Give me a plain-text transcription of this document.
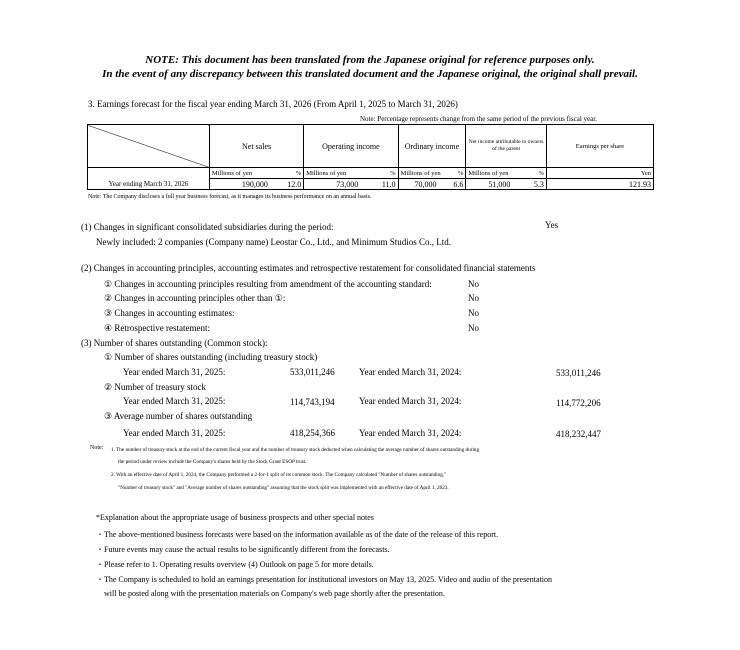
NOTE: This document has been translated from the Japanese original for reference purposes only.
In the event of any discrepancy between this translated document and the Japanese original, the original shall prevail.
3. Earnings forecast for the fiscal year ending March 31, 2026 (From April 1, 2025 to March 31, 2026)
Note: Percentage represents change from the same period of the previous fiscal year.
	Net sales	Operating income	Ordinary income	Net income attributable to owners of the parent	Earnings per share

	Millions of yen %	Millions of yen %	Millions of yen %	Millions of yen %	Yen
Year ending March 31, 2026	190,000 12.0	73,000 11.0	70,000 6.6	51,000 5.3	121.93
Note: The Company discloses a full year business forecast, as it manages its business performance on an annual basis.
(1) Changes in significant consolidated subsidiaries during the period:	Yes
Newly included: 2 companies (Company name) Leostar Co., Ltd., and Minimum Studios Co., Ltd.
(2) Changes in accounting principles, accounting estimates and retrospective restatement for consolidated financial statements
① Changes in accounting principles resulting from amendment of the accounting standard:	No
② Changes in accounting principles other than ①:	No
③ Changes in accounting estimates:	No
④ Retrospective restatement:	No
(3) Number of shares outstanding (Common stock):
① Number of shares outstanding (including treasury stock)
Year ended March 31, 2025:	533,011,246	Year ended March 31, 2024:	533,011,246
② Number of treasury stock
Year ended March 31, 2025:	114,743,194	Year ended March 31, 2024:	114,772,206
③ Average number of shares outstanding
Year ended March 31, 2025:	418,254,366	Year ended March 31, 2024:	418,232,447
Note: 1. The number of treasury stock at the end of the current fiscal year and the number of treasury stock deducted when calculating the average number of shares outstanding during
the period under review include the Company's shares held by the Stock Grant ESOP trust.
2. With an effective date of April 1, 2024, the Company performed a 2-for-1 split of its common stock. The Company calculated "Number of shares outstanding,"
"Number of treasury stock" and "Average number of shares outstanding" assuming that the stock split was implemented with an effective date of April 1, 2023.
*Explanation about the appropriate usage of business prospects and other special notes
・The above-mentioned business forecasts were based on the information available as of the date of the release of this report.
・Future events may cause the actual results to be significantly different from the forecasts.
・Please refer to 1. Operating results overview (4) Outlook on page 5 for more details.
・The Company is scheduled to hold an earnings presentation for institutional investors on May 13, 2025. Video and audio of the presentation
will be posted along with the presentation materials on Company's web page shortly after the presentation.
